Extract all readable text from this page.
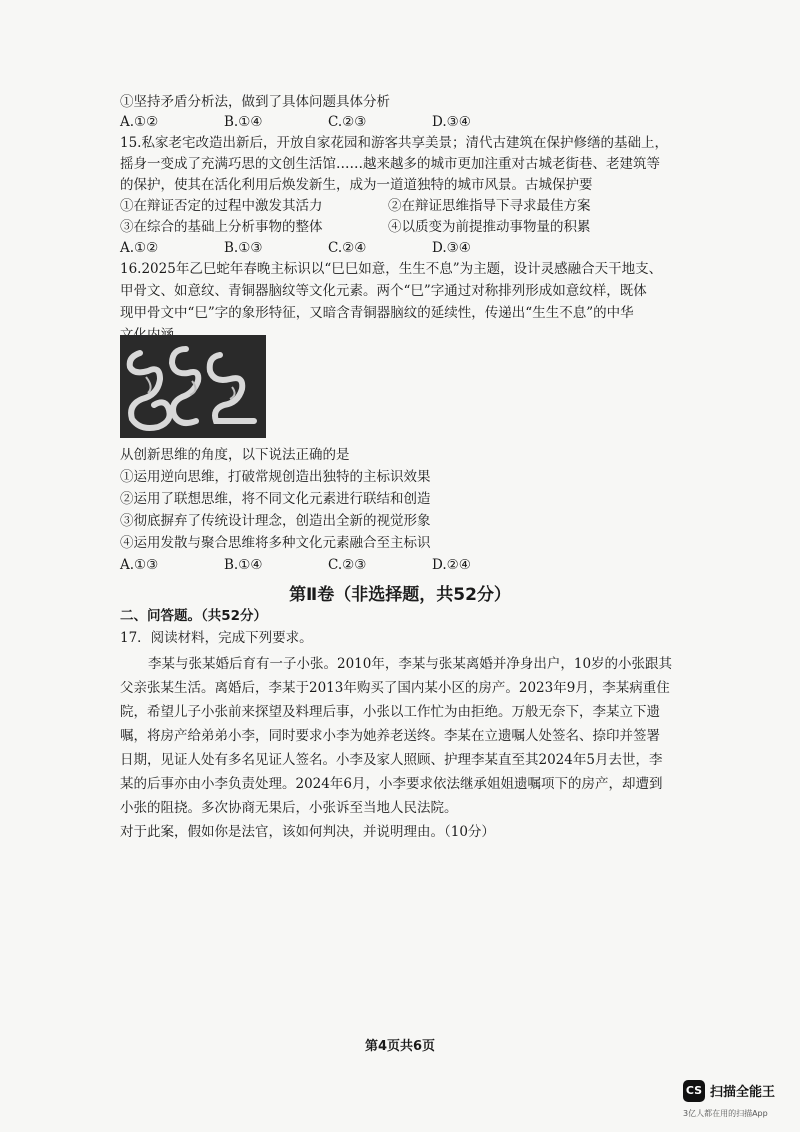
①坚持矛盾分析法，做到了具体问题具体分析
A.①②	B.①④	C.②③	D.③④
15.私家老宅改造出新后，开放自家花园和游客共享美景；清代古建筑在保护修缮的基础上，
摇身一变成了充满巧思的文创生活馆……越来越多的城市更加注重对古城老街巷、老建筑等
的保护，使其在活化利用后焕发新生，成为一道道独特的城市风景。古城保护要
①在辩证否定的过程中激发其活力	②在辩证思维指导下寻求最佳方案
③在综合的基础上分析事物的整体	④以质变为前提推动事物量的积累
A.①②	B.①③	C.②④	D.③④
16.2025年乙巳蛇年春晚主标识以“巳巳如意，生生不息”为主题，设计灵感融合天干地支、
甲骨文、如意纹、青铜器脑纹等文化元素。两个“巳”字通过对称排列形成如意纹样，既体
现甲骨文中“巳”字的象形特征，又暗含青铜器脑纹的延续性，传递出“生生不息”的中华
从创新思维的角度，以下说法正确的是
①运用逆向思维，打破常规创造出独特的主标识效果
②运用了联想思维，将不同文化元素进行联结和创造
③彻底摒弃了传统设计理念，创造出全新的视觉形象
④运用发散与聚合思维将多种文化元素融合至主标识
A.①③	B.①④	C.②③	D.②④
第Ⅱ卷（非选择题，共52分）
二、问答题。（共52分）
17．阅读材料，完成下列要求。
李某与张某婚后育有一子小张。2010年，李某与张某离婚并净身出户，10岁的小张跟其
父亲张某生活。离婚后，李某于2013年购买了国内某小区的房产。2023年9月，李某病重住
院，希望儿子小张前来探望及料理后事，小张以工作忙为由拒绝。万般无奈下，李某立下遗
嘱，将房产给弟弟小李，同时要求小李为她养老送终。李某在立遗嘱人处签名、捺印并签署
日期，见证人处有多名见证人签名。小李及家人照顾、护理李某直至其2024年5月去世，李
某的后事亦由小李负责处理。2024年6月，小李要求依法继承姐姐遗嘱项下的房产，却遭到
小张的阻挠。多次协商无果后，小张诉至当地人民法院。
对于此案，假如你是法官，该如何判决，并说明理由。（10分）
第4页共6页
CS 扫描全能王
3亿人都在用的扫描App
